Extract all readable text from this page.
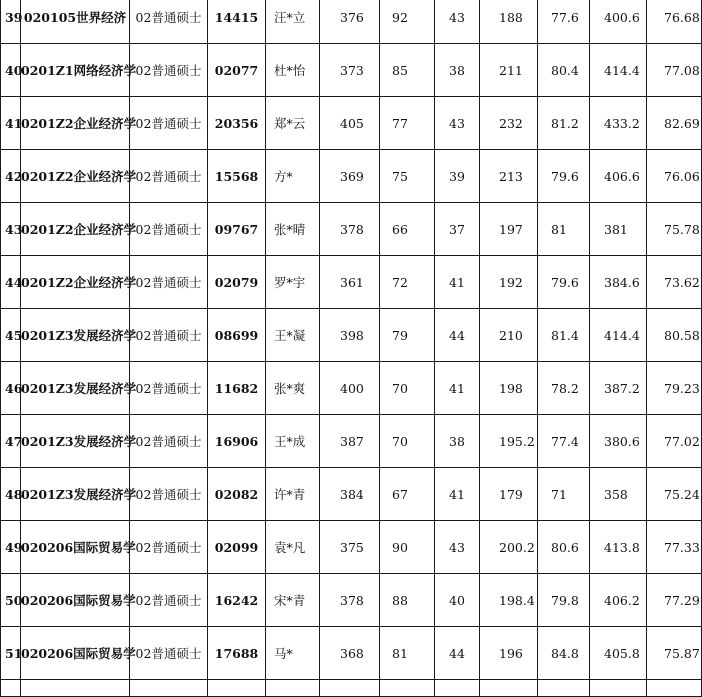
39	020105世界经济	02普通硕士	14415	汪*立	376	92	43	188	77.6	400.6	76.68
40	0201Z1网络经济学	02普通硕士	02077	杜*怡	373	85	38	211	80.4	414.4	77.08
41	0201Z2企业经济学	02普通硕士	20356	郑*云	405	77	43	232	81.2	433.2	82.69
42	0201Z2企业经济学	02普通硕士	15568	方*	369	75	39	213	79.6	406.6	76.06
43	0201Z2企业经济学	02普通硕士	09767	张*晴	378	66	37	197	81	381	75.78
44	0201Z2企业经济学	02普通硕士	02079	罗*宇	361	72	41	192	79.6	384.6	73.62
45	0201Z3发展经济学	02普通硕士	08699	王*凝	398	79	44	210	81.4	414.4	80.58
46	0201Z3发展经济学	02普通硕士	11682	张*爽	400	70	41	198	78.2	387.2	79.23
47	0201Z3发展经济学	02普通硕士	16906	王*成	387	70	38	195.2	77.4	380.6	77.02
48	0201Z3发展经济学	02普通硕士	02082	许*青	384	67	41	179	71	358	75.24
49	020206国际贸易学	02普通硕士	02099	袁*凡	375	90	43	200.2	80.6	413.8	77.33
50	020206国际贸易学	02普通硕士	16242	宋*青	378	88	40	198.4	79.8	406.2	77.29
51	020206国际贸易学	02普通硕士	17688	马*	368	81	44	196	84.8	405.8	75.87
